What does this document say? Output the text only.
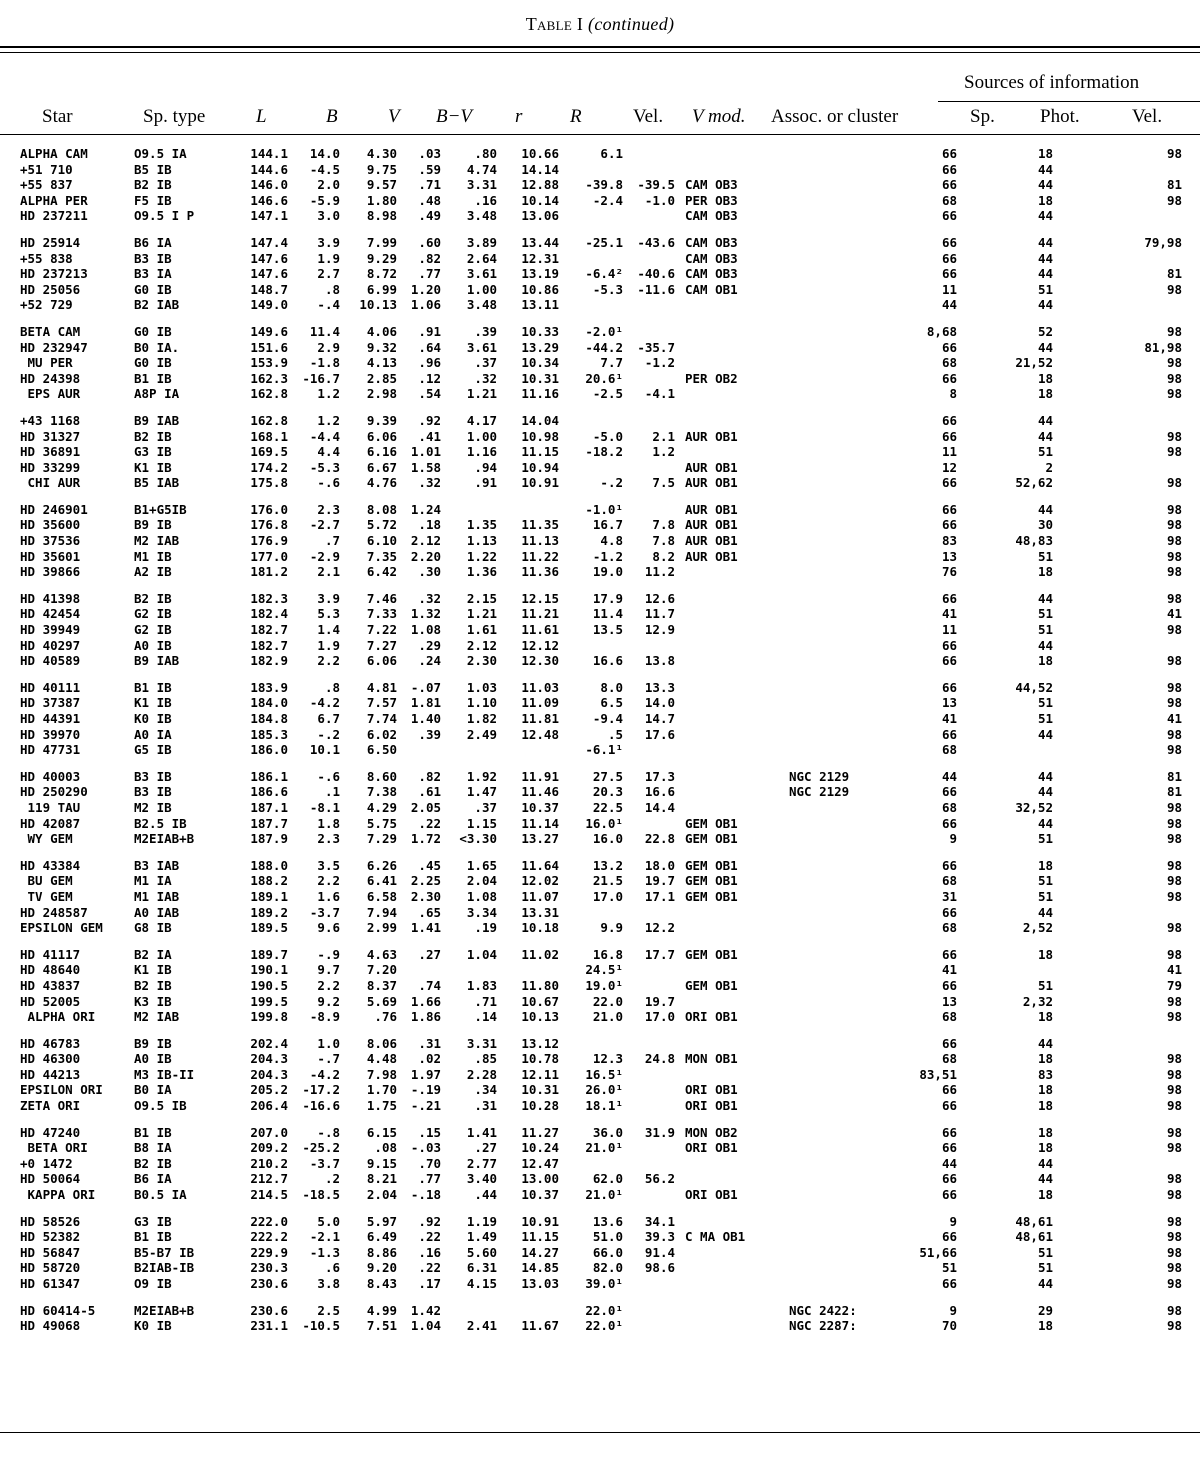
Table I (continued)
Sources of information
Star	Sp. type	L	B	V B−V r	R	Vel. V mod. Assoc. or cluster	Sp. Phot.	Vel.
ALPHA CAM	O9.5 IA	144.1	14.0	4.30	.03	.80	10.66	6.1				66	18	98
+51 710	B5 IB	144.6	-4.5	9.75	.59	4.74	14.14					66	44	
+55 837	B2 IB	146.0	2.0	9.57	.71	3.31	12.88	-39.8	-39.5	CAM OB3		66	44	81
ALPHA PER	F5 IB	146.6	-5.9	1.80	.48	.16	10.14	-2.4	-1.0	PER OB3		68	18	98
HD 237211	O9.5 I P	147.1	3.0	8.98	.49	3.48	13.06			CAM OB3		66	44	

HD 25914	B6 IA	147.4	3.9	7.99	.60	3.89	13.44	-25.1	-43.6	CAM OB3		66	44	79,98
+55 838	B3 IB	147.6	1.9	9.29	.82	2.64	12.31			CAM OB3		66	44	
HD 237213	B3 IA	147.6	2.7	8.72	.77	3.61	13.19	-6.4²	-40.6	CAM OB3		66	44	81
HD 25056	G0 IB	148.7	.8	6.99	1.20	1.00	10.86	-5.3	-11.6	CAM OB1		11	51	98
+52 729	B2 IAB	149.0	-.4	10.13	1.06	3.48	13.11					44	44	

BETA CAM	G0 IB	149.6	11.4	4.06	.91	.39	10.33	-2.0¹				8,68	52	98
HD 232947	B0 IA.	151.6	2.9	9.32	.64	3.61	13.29	-44.2	-35.7			66	44	81,98
MU PER	G0 IB	153.9	-1.8	4.13	.96	.37	10.34	7.7	-1.2			68	21,52	98
HD 24398	B1 IB	162.3	-16.7	2.85	.12	.32	10.31	20.6¹		PER OB2		66	18	98
EPS AUR	A8P IA	162.8	1.2	2.98	.54	1.21	11.16	-2.5	-4.1			8	18	98

+43 1168	B9 IAB	162.8	1.2	9.39	.92	4.17	14.04					66	44	
HD 31327	B2 IB	168.1	-4.4	6.06	.41	1.00	10.98	-5.0	2.1	AUR OB1		66	44	98
HD 36891	G3 IB	169.5	4.4	6.16	1.01	1.16	11.15	-18.2	1.2			11	51	98
HD 33299	K1 IB	174.2	-5.3	6.67	1.58	.94	10.94			AUR OB1		12	2	
CHI AUR	B5 IAB	175.8	-.6	4.76	.32	.91	10.91	-.2	7.5	AUR OB1		66	52,62	98

HD 246901	B1+G5IB	176.0	2.3	8.08	1.24			-1.0¹		AUR OB1		66	44	98
HD 35600	B9 IB	176.8	-2.7	5.72	.18	1.35	11.35	16.7	7.8	AUR OB1		66	30	98
HD 37536	M2 IAB	176.9	.7	6.10	2.12	1.13	11.13	4.8	7.8	AUR OB1		83	48,83	98
HD 35601	M1 IB	177.0	-2.9	7.35	2.20	1.22	11.22	-1.2	8.2	AUR OB1		13	51	98
HD 39866	A2 IB	181.2	2.1	6.42	.30	1.36	11.36	19.0	11.2			76	18	98

HD 41398	B2 IB	182.3	3.9	7.46	.32	2.15	12.15	17.9	12.6			66	44	98
HD 42454	G2 IB	182.4	5.3	7.33	1.32	1.21	11.21	11.4	11.7			41	51	41
HD 39949	G2 IB	182.7	1.4	7.22	1.08	1.61	11.61	13.5	12.9			11	51	98
HD 40297	A0 IB	182.7	1.9	7.27	.29	2.12	12.12					66	44	
HD 40589	B9 IAB	182.9	2.2	6.06	.24	2.30	12.30	16.6	13.8			66	18	98

HD 40111	B1 IB	183.9	.8	4.81	-.07	1.03	11.03	8.0	13.3			66	44,52	98
HD 37387	K1 IB	184.0	-4.2	7.57	1.81	1.10	11.09	6.5	14.0			13	51	98
HD 44391	K0 IB	184.8	6.7	7.74	1.40	1.82	11.81	-9.4	14.7			41	51	41
HD 39970	A0 IA	185.3	-.2	6.02	.39	2.49	12.48	.5	17.6			66	44	98
HD 47731	G5 IB	186.0	10.1	6.50				-6.1¹				68		98

HD 40003	B3 IB	186.1	-.6	8.60	.82	1.92	11.91	27.5	17.3		NGC 2129	44	44	81
HD 250290	B3 IB	186.6	.1	7.38	.61	1.47	11.46	20.3	16.6		NGC 2129	66	44	81
119 TAU	M2 IB	187.1	-8.1	4.29	2.05	.37	10.37	22.5	14.4			68	32,52	98
HD 42087	B2.5 IB	187.7	1.8	5.75	.22	1.15	11.14	16.0¹		GEM OB1		66	44	98
WY GEM	M2EIAB+B	187.9	2.3	7.29	1.72	<3.30	13.27	16.0	22.8	GEM OB1		9	51	98

HD 43384	B3 IAB	188.0	3.5	6.26	.45	1.65	11.64	13.2	18.0	GEM OB1		66	18	98
BU GEM	M1 IA	188.2	2.2	6.41	2.25	2.04	12.02	21.5	19.7	GEM OB1		68	51	98
TV GEM	M1 IAB	189.1	1.6	6.58	2.30	1.08	11.07	17.0	17.1	GEM OB1		31	51	98
HD 248587	A0 IAB	189.2	-3.7	7.94	.65	3.34	13.31					66	44	
EPSILON GEM	G8 IB	189.5	9.6	2.99	1.41	.19	10.18	9.9	12.2			68	2,52	98

HD 41117	B2 IA	189.7	-.9	4.63	.27	1.04	11.02	16.8	17.7	GEM OB1		66	18	98
HD 48640	K1 IB	190.1	9.7	7.20				24.5¹				41		41
HD 43837	B2 IB	190.5	2.2	8.37	.74	1.83	11.80	19.0¹		GEM OB1		66	51	79
HD 52005	K3 IB	199.5	9.2	5.69	1.66	.71	10.67	22.0	19.7			13	2,32	98
ALPHA ORI	M2 IAB	199.8	-8.9	.76	1.86	.14	10.13	21.0	17.0	ORI OB1		68	18	98

HD 46783	B9 IB	202.4	1.0	8.06	.31	3.31	13.12					66	44	
HD 46300	A0 IB	204.3	-.7	4.48	.02	.85	10.78	12.3	24.8	MON OB1		68	18	98
HD 44213	M3 IB-II	204.3	-4.2	7.98	1.97	2.28	12.11	16.5¹				83,51	83	98
EPSILON ORI	B0 IA	205.2	-17.2	1.70	-.19	.34	10.31	26.0¹		ORI OB1		66	18	98
ZETA ORI	O9.5 IB	206.4	-16.6	1.75	-.21	.31	10.28	18.1¹		ORI OB1		66	18	98

HD 47240	B1 IB	207.0	-.8	6.15	.15	1.41	11.27	36.0	31.9	MON OB2		66	18	98
BETA ORI	B8 IA	209.2	-25.2	.08	-.03	.27	10.24	21.0¹		ORI OB1		66	18	98
+0 1472	B2 IB	210.2	-3.7	9.15	.70	2.77	12.47					44	44	
HD 50064	B6 IA	212.7	.2	8.21	.77	3.40	13.00	62.0	56.2			66	44	98
KAPPA ORI	B0.5 IA	214.5	-18.5	2.04	-.18	.44	10.37	21.0¹		ORI OB1		66	18	98

HD 58526	G3 IB	222.0	5.0	5.97	.92	1.19	10.91	13.6	34.1			9	48,61	98
HD 52382	B1 IB	222.2	-2.1	6.49	.22	1.49	11.15	51.0	39.3	C MA OB1		66	48,61	98
HD 56847	B5-B7 IB	229.9	-1.3	8.86	.16	5.60	14.27	66.0	91.4			51,66	51	98
HD 58720	B2IAB-IB	230.3	.6	9.20	.22	6.31	14.85	82.0	98.6			51	51	98
HD 61347	O9 IB	230.6	3.8	8.43	.17	4.15	13.03	39.0¹				66	44	98

HD 60414-5	M2EIAB+B	230.6	2.5	4.99	1.42			22.0¹			NGC 2422:	9	29	98
HD 49068	K0 IB	231.1	-10.5	7.51	1.04	2.41	11.67	22.0¹			NGC 2287:	70	18	98
